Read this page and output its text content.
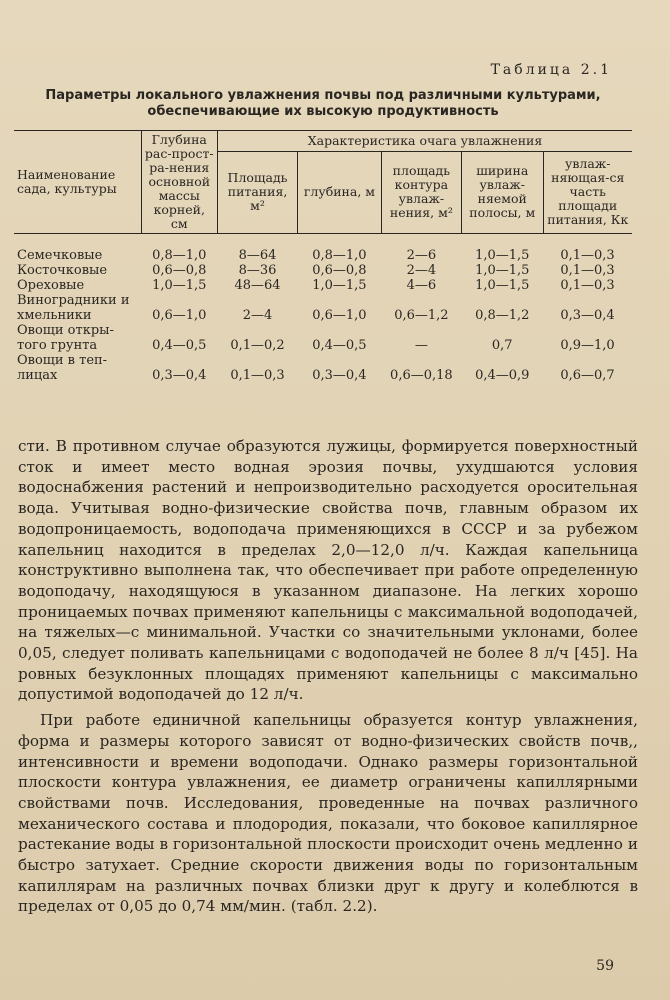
Таблица 2.1
Параметры локального увлажнения почвы под различными культурами, обеспечивающие их высокую продуктивность
Наименование сада, культуры	Глубина рас-прост-ра-нения основной массы корней, см	Характеристика очага увлажнения				
		Площадь питания, м²	глубина, м	площадь контура увлаж-нения, м²	ширина увлаж-няемой полосы, м	увлаж-няющая-ся часть площади питания, Кк

Семечковые	0,8—1,0	8—64	0,8—1,0	2—6	1,0—1,5	0,1—0,3
Косточковые	0,6—0,8	8—36	0,6—0,8	2—4	1,0—1,5	0,1—0,3
Ореховые	1,0—1,5	48—64	1,0—1,5	4—6	1,0—1,5	0,1—0,3
Виноградники и хмельники	0,6—1,0	2—4	0,6—1,0	0,6—1,2	0,8—1,2	0,3—0,4
Овощи откры-того грунта	0,4—0,5	0,1—0,2	0,4—0,5	—	0,7	0,9—1,0
Овощи в теп-лицах	0,3—0,4	0,1—0,3	0,3—0,4	0,6—0,18	0,4—0,9	0,6—0,7

сти. В противном случае образуются лужицы, формируется поверхностный сток и имеет место водная эрозия почвы, ухудшаются условия водоснабжения растений и непроизводительно расходуется оросительная вода. Учитывая водно-физические свойства почв, главным образом их водопроницаемость, водоподача применяющихся в СССР и за рубежом капельниц находится в пределах 2,0—12,0 л/ч. Каждая капельница конструктивно выполнена так, что обеспечивает при работе определенную водоподачу, находящуюся в указанном диапазоне. На легких хорошо проницаемых почвах применяют капельницы с максимальной водоподачей, на тяжелых—с минимальной. Участки со значительными уклонами, более 0,05, следует поливать капельницами с водоподачей не более 8 л/ч [45]. На ровных безуклонных площадях применяют капельницы с максимально допустимой водоподачей до 12 л/ч.

При работе единичной капельницы образуется контур увлажнения, форма и размеры которого зависят от водно-физических свойств почв,, интенсивности и времени водоподачи. Однако размеры горизонтальной плоскости контура увлажнения, ее диаметр ограничены капиллярными свойствами почв. Исследования, проведенные на почвах различного механического состава и плодородия, показали, что боковое капиллярное растекание воды в горизонтальной плоскости происходит очень медленно и быстро затухает. Средние скорости движения воды по горизонтальным капиллярам на различных почвах близки друг к другу и колеблются в пределах от 0,05 до 0,74 мм/мин. (табл. 2.2).

59
